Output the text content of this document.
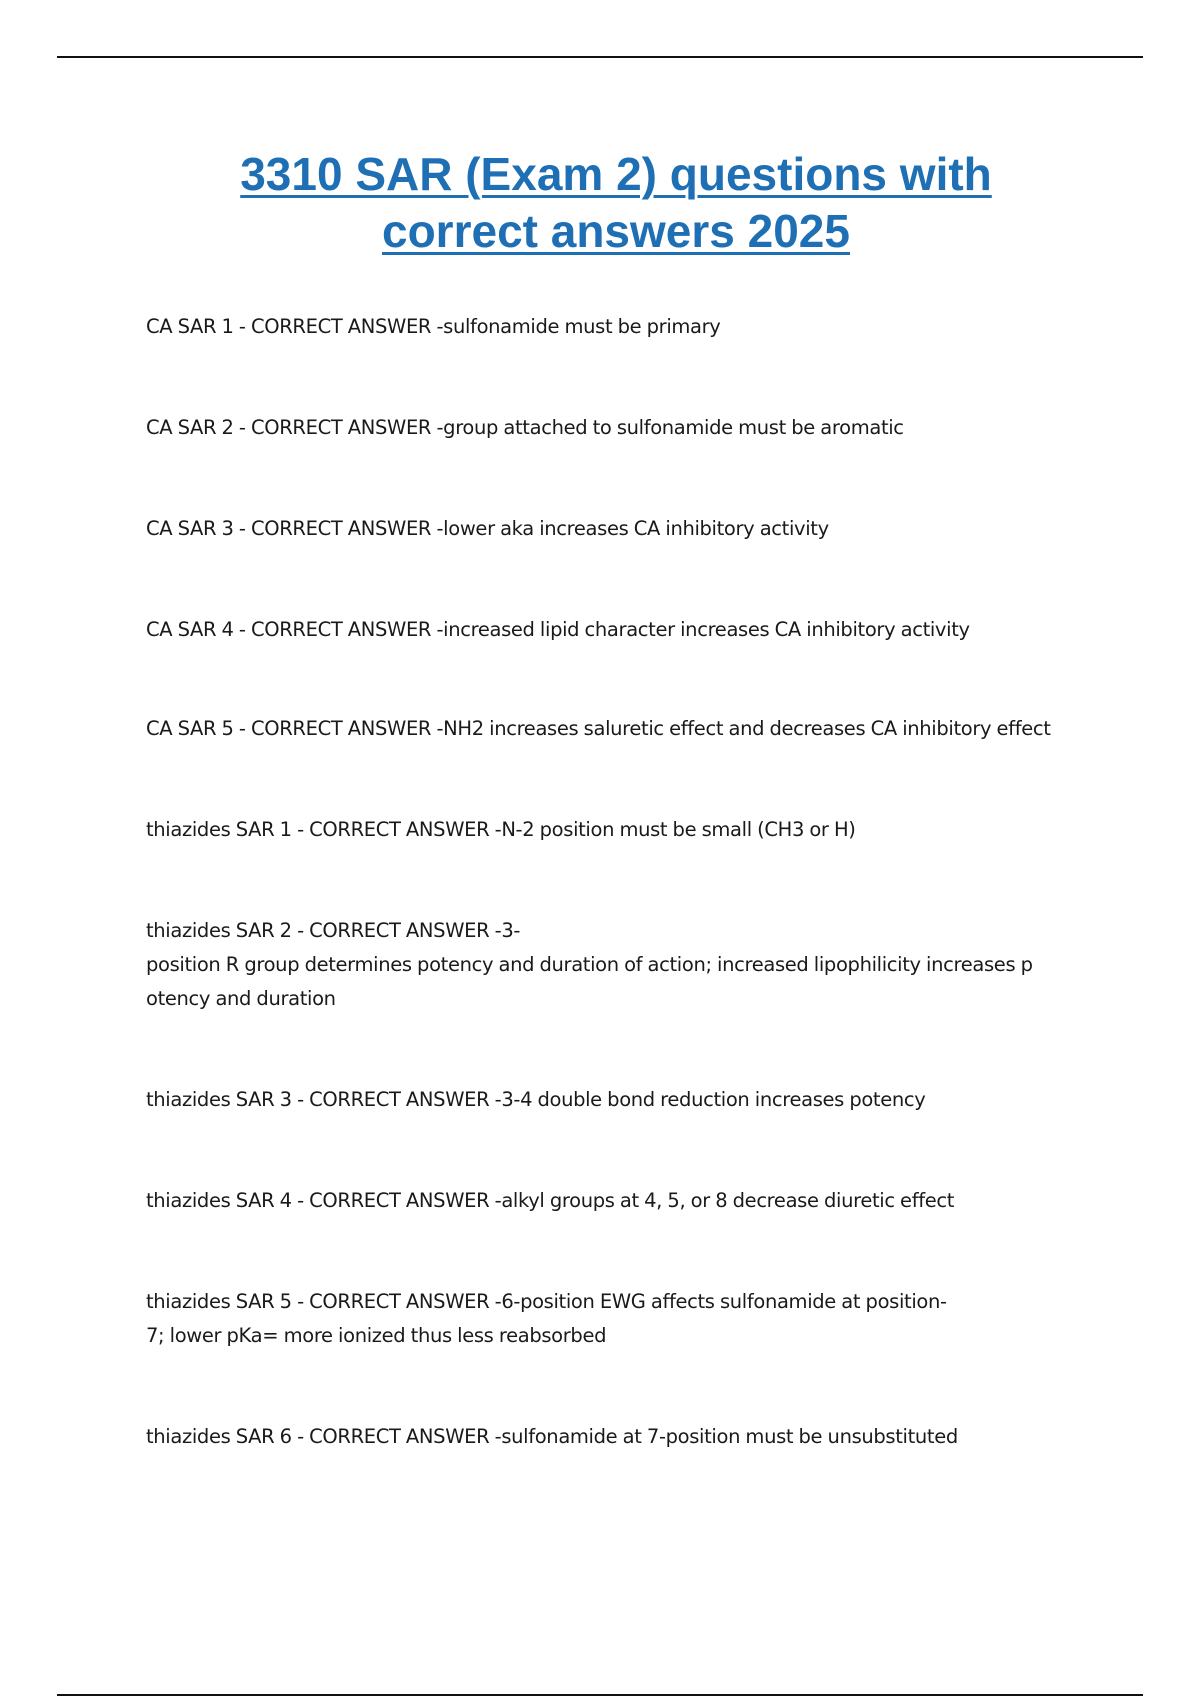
3310 SAR (Exam 2) questions with
correct answers 2025

CA SAR 1 - CORRECT ANSWER -sulfonamide must be primary

CA SAR 2 - CORRECT ANSWER -group attached to sulfonamide must be aromatic

CA SAR 3 - CORRECT ANSWER -lower aka increases CA inhibitory activity

CA SAR 4 - CORRECT ANSWER -increased lipid character increases CA inhibitory activity

CA SAR 5 - CORRECT ANSWER -NH2 increases saluretic effect and decreases CA inhibitory effect

thiazides SAR 1 - CORRECT ANSWER -N-2 position must be small (CH3 or H)

thiazides SAR 2 - CORRECT ANSWER -3-
position R group determines potency and duration of action; increased lipophilicity increases p
otency and duration

thiazides SAR 3 - CORRECT ANSWER -3-4 double bond reduction increases potency

thiazides SAR 4 - CORRECT ANSWER -alkyl groups at 4, 5, or 8 decrease diuretic effect

thiazides SAR 5 - CORRECT ANSWER -6-position EWG affects sulfonamide at position-
7; lower pKa= more ionized thus less reabsorbed

thiazides SAR 6 - CORRECT ANSWER -sulfonamide at 7-position must be unsubstituted
